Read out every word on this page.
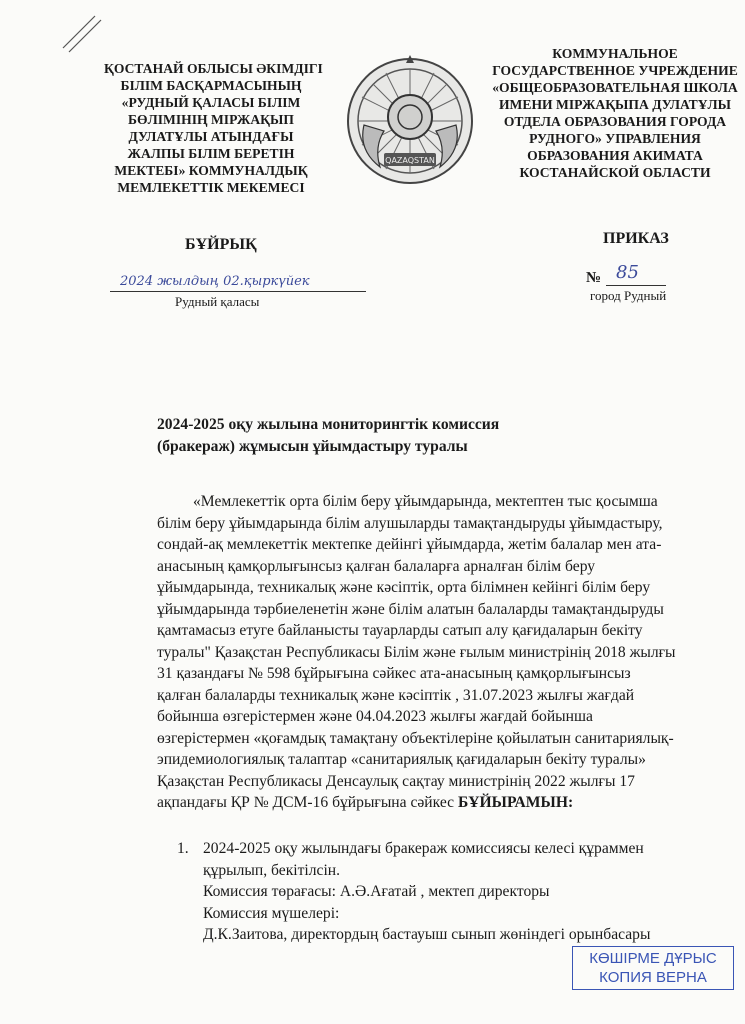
ҚОСТАНАЙ ОБЛЫСЫ ӘКІМДІГІ
БІЛІМ БАСҚАРМАСЫНЫҢ
«РУДНЫЙ ҚАЛАСЫ БІЛІМ
БӨЛІМІНІҢ МІРЖАҚЫП
ДУЛАТҰЛЫ АТЫНДАҒЫ
ЖАЛПЫ БІЛІМ БЕРЕТІН
МЕКТЕБІ» КОММУНАЛДЫҚ
МЕМЛЕКЕТТІК МЕКЕМЕСІ
QAZAQSTAN
КОММУНАЛЬНОЕ
ГОСУДАРСТВЕННОЕ УЧРЕЖДЕНИЕ
«ОБЩЕОБРАЗОВАТЕЛЬНАЯ ШКОЛА
ИМЕНИ МІРЖАҚЫПА ДУЛАТҰЛЫ
ОТДЕЛА ОБРАЗОВАНИЯ ГОРОДА
РУДНОГО» УПРАВЛЕНИЯ
ОБРАЗОВАНИЯ АКИМАТА
КОСТАНАЙСКОЙ ОБЛАСТИ
БҰЙРЫҚ	ПРИКАЗ
2024 жылдың 02.қыркүйек
Рудный қаласы
№ 85
город Рудный
2024-2025 оқу жылына мониторингтік комиссия
(бракераж) жұмысын ұйымдастыру туралы
«Мемлекеттік орта білім беру ұйымдарында, мектептен тыс қосымша
білім беру ұйымдарында білім алушыларды тамақтандыруды ұйымдастыру,
сондай-ақ мемлекеттік мектепке дейінгі ұйымдарда, жетім балалар мен ата-
анасының қамқорлығынсыз қалған балаларға арналған білім беру
ұйымдарында, техникалық және кәсіптік, орта білімнен кейінгі білім беру
ұйымдарында тәрбиеленетін және білім алатын балаларды тамақтандыруды
қамтамасыз етуге байланысты тауарларды сатып алу қағидаларын бекіту
туралы" Қазақстан Республикасы Білім және ғылым министрінің 2018 жылғы
31 қазандағы № 598 бұйрығына сәйкес ата-анасының қамқорлығынсыз
қалған балаларды техникалық және кәсіптік , 31.07.2023 жылғы жағдай
бойынша өзгерістермен және 04.04.2023 жылғы жағдай бойынша
өзгерістермен «қоғамдық тамақтану объектілеріне қойылатын санитариялық-
эпидемиологиялық талаптар «санитариялық қағидаларын бекіту туралы»
Қазақстан Республикасы Денсаулық сақтау министрінің 2022 жылғы 17
ақпандағы ҚР № ДСМ-16 бұйрығына сәйкес БҰЙЫРАМЫН:
1. 2024-2025 оқу жылындағы бракераж комиссиясы келесі құраммен
құрылып, бекітілсін.
Комиссия төрағасы: А.Ә.Ағатай , мектеп директоры
Комиссия мүшелері:
Д.К.Заитова, директордың бастауыш сынып жөніндегі орынбасары
КӨШІРМЕ ДҰРЫС
КОПИЯ ВЕРНА
